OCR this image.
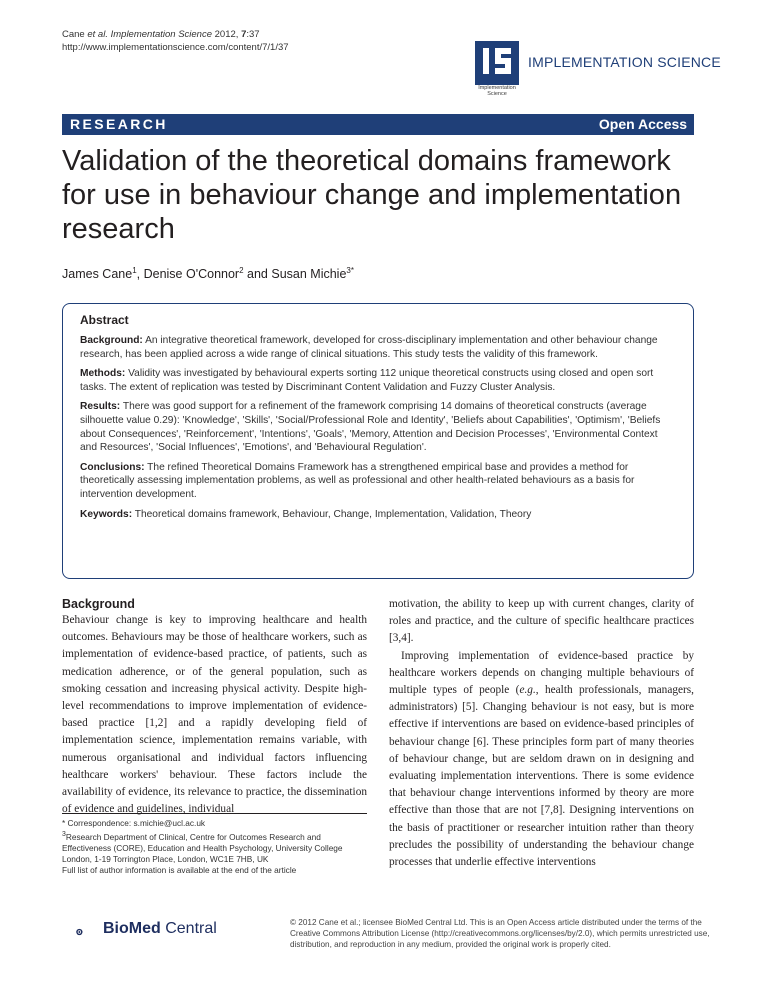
Cane et al. Implementation Science 2012, 7:37
http://www.implementationscience.com/content/7/1/37
Implementation
Science
IMPLEMENTATION SCIENCE
RESEARCH	Open Access
Validation of the theoretical domains framework for use in behaviour change and implementation research
James Cane$^1$, Denise O'Connor$^2$ and Susan Michie$^{3*}$
Abstract

Background: An integrative theoretical framework, developed for cross-disciplinary implementation and other behaviour change research, has been applied across a wide range of clinical situations. This study tests the validity of this framework.

Methods: Validity was investigated by behavioural experts sorting 112 unique theoretical constructs using closed and open sort tasks. The extent of replication was tested by Discriminant Content Validation and Fuzzy Cluster Analysis.

Results: There was good support for a refinement of the framework comprising 14 domains of theoretical constructs (average silhouette value 0.29): 'Knowledge', 'Skills', 'Social/Professional Role and Identity', 'Beliefs about Capabilities', 'Optimism', 'Beliefs about Consequences', 'Reinforcement', 'Intentions', 'Goals', 'Memory, Attention and Decision Processes', 'Environmental Context and Resources', 'Social Influences', 'Emotions', and 'Behavioural Regulation'.

Conclusions: The refined Theoretical Domains Framework has a strengthened empirical base and provides a method for theoretically assessing implementation problems, as well as professional and other health-related behaviours as a basis for intervention development.

Keywords: Theoretical domains framework, Behaviour, Change, Implementation, Validation, Theory

Background

Behaviour change is key to improving healthcare and health outcomes. Behaviours may be those of healthcare workers, such as implementation of evidence-based practice, of patients, such as medication adherence, or of the general population, such as smoking cessation and increasing physical activity. Despite high-level recommendations to improve implementation of evidence-based practice [1,2] and a rapidly developing field of implementation science, implementation remains variable, with numerous organisational and individual factors influencing healthcare workers' behaviour. These factors include the availability of evidence, its relevance to practice, the dissemination of evidence and guidelines, individual

motivation, the ability to keep up with current changes, clarity of roles and practice, and the culture of specific healthcare practices [3,4].

Improving implementation of evidence-based practice by healthcare workers depends on changing multiple behaviours of multiple types of people (e.g., health professionals, managers, administrators) [5]. Changing behaviour is not easy, but is more effective if interventions are based on evidence-based principles of behaviour change [6]. These principles form part of many theories of behaviour change, but are seldom drawn on in designing and evaluating implementation interventions. There is some evidence that behaviour change interventions informed by theory are more effective than those that are not [7,8]. Designing interventions on the basis of practitioner or researcher intuition rather than theory precludes the possibility of understanding the behaviour change processes that underlie effective interventions

* Correspondence: s.michie@ucl.ac.uk
$^3$Research Department of Clinical, Centre for Outcomes Research and Effectiveness (CORE), Education and Health Psychology, University College London, 1-19 Torrington Place, London, WC1E 7HB, UK
Full list of author information is available at the end of the article
BioMed Central	© 2012 Cane et al.; licensee BioMed Central Ltd. This is an Open Access article distributed under the terms of the Creative Commons Attribution License (http://creativecommons.org/licenses/by/2.0), which permits unrestricted use, distribution, and reproduction in any medium, provided the original work is properly cited.
